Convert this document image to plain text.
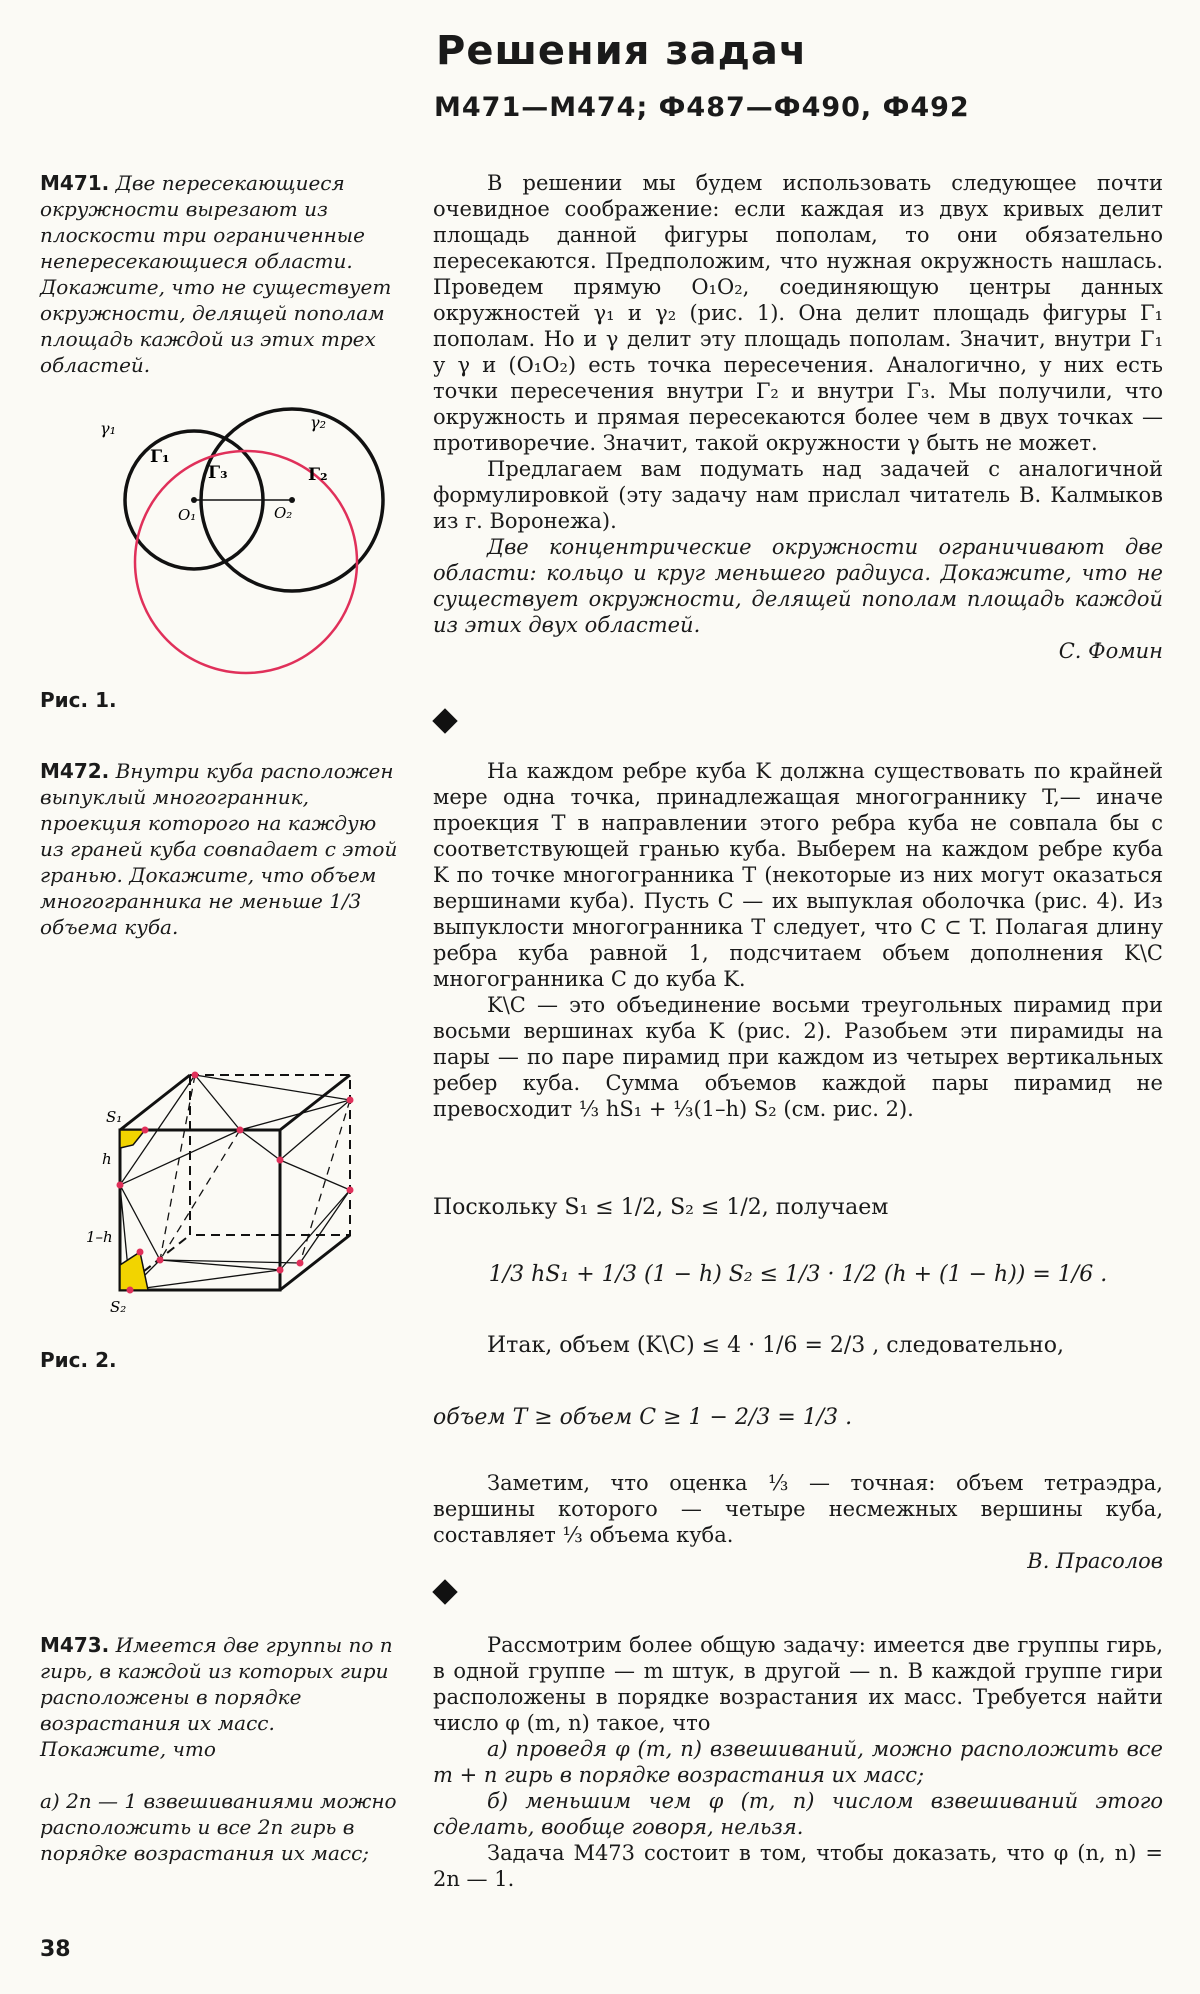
Решения задач
М471—М474; Ф487—Ф490, Ф492
М471. Две пересекающиеся окружности вырезают из плоскости три ограниченные непересекающиеся области. Докажите, что не существует окружности, делящей пополам площадь каждой из этих трех областей.
γ₁	γ₂
Γ₁
Γ₃	Γ₂
O₁	O₂
Рис. 1.

В решении мы будем использовать следующее почти очевидное соображение: если каждая из двух кривых делит площадь данной фигуры пополам, то они обязательно пересекаются. Предположим, что нужная окружность нашлась. Проведем прямую O₁O₂, соединяющую центры данных окружностей γ₁ и γ₂ (рис. 1). Она делит площадь фигуры Γ₁ пополам. Но и γ делит эту площадь пополам. Значит, внутри Γ₁ у γ и (O₁O₂) есть точка пересечения. Аналогично, у них есть точки пересечения внутри Γ₂ и внутри Γ₃. Мы получили, что окружность и прямая пересекаются более чем в двух точках — противоречие. Значит, такой окружности γ быть не может.

Предлагаем вам подумать над задачей с аналогичной формулировкой (эту задачу нам прислал читатель В. Калмыков из г. Воронежа).

Две концентрические окружности ограничивают две области: кольцо и круг меньшего радиуса. Докажите, что не существует окружности, делящей пополам площадь каждой из этих двух областей.

С. Фомин
М472. Внутри куба расположен выпуклый многогранник, проекция которого на каждую из граней куба совпадает с этой гранью. Докажите, что объем многогранника не меньше 1/3 объема куба.
S₁
h
1–h
S₂
Рис. 2.

На каждом ребре куба K должна существовать по крайней мере одна точка, принадлежащая многограннику T,— иначе проекция T в направлении этого ребра куба не совпала бы с соответствующей гранью куба. Выберем на каждом ребре куба K по точке многогранника T (некоторые из них могут оказаться вершинами куба). Пусть C — их выпуклая оболочка (рис. 4). Из выпуклости многогранника T следует, что C ⊂ T. Полагая длину ребра куба равной 1, подсчитаем объем дополнения K\C многогранника C до куба K.

K\C — это объединение восьми треугольных пирамид при восьми вершинах куба K (рис. 2). Разобьем эти пирамиды на пары — по паре пирамид при каждом из четырех вертикальных ребер куба. Сумма объемов каждой пары пирамид не превосходит ⅓ hS₁ + ⅓(1–h) S₂ (см. рис. 2).

Поскольку S₁ ≤ 1/2, S₂ ≤ 1/2, получаем
1/3 hS₁ + 1/3 (1 − h) S₂ ≤ 1/3 · 1/2 (h + (1 − h)) = 1/6 .
Итак, объем (K\C) ≤ 4 · 1/6 = 2/3 , следовательно,
объем T ≥ объем C ≥ 1 − 2/3 = 1/3 .

Заметим, что оценка ⅓ — точная: объем тетраэдра, вершины которого — четыре несмежных вершины куба, составляет ⅓ объема куба.

В. Прасолов
М473. Имеется две группы по n гирь, в каждой из которых гири расположены в порядке возрастания их масс. Покажите, что
а) 2n — 1 взвешиваниями можно расположить и все 2n гирь в порядке возрастания их масс;

Рассмотрим более общую задачу: имеется две группы гирь, в одной группе — m штук, в другой — n. В каждой группе гири расположены в порядке возрастания их масс. Требуется найти число φ (m, n) такое, что

а) проведя φ (m, n) взвешиваний, можно расположить все m + n гирь в порядке возрастания их масс;

б) меньшим чем φ (m, n) числом взвешиваний этого сделать, вообще говоря, нельзя.

Задача М473 состоит в том, чтобы доказать, что φ (n, n) = 2n — 1.

38
